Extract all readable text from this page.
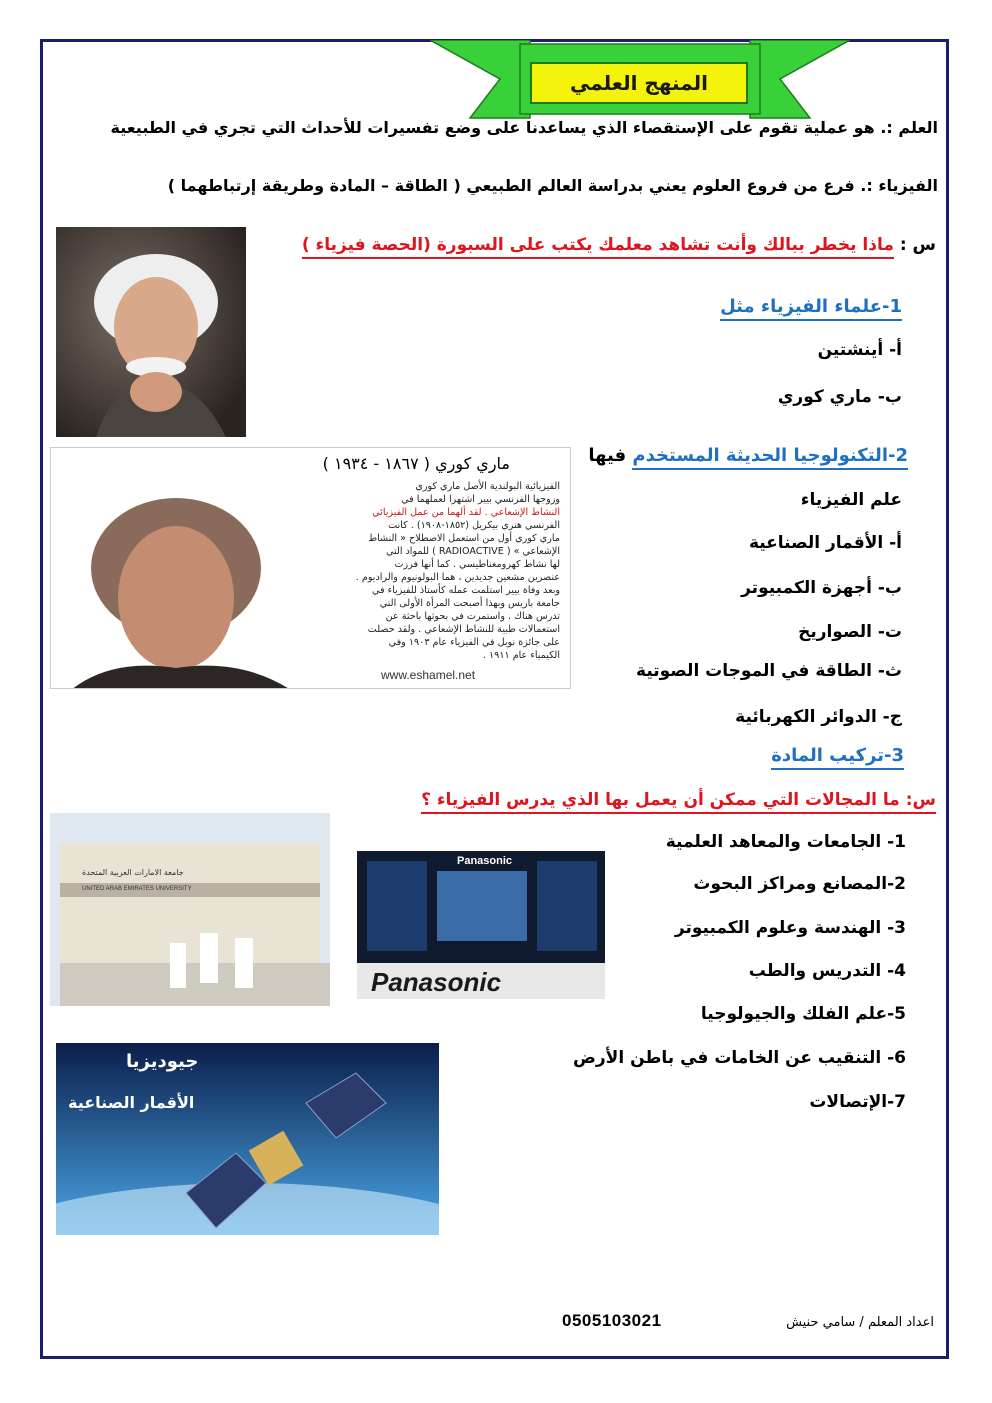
المنهج العلمي
العلم :. هو عملية تقوم على الإستقصاء الذي يساعدنا على وضع تفسيرات للأحداث التي تجري في الطبيعية
الفيزياء :. فرع من فروع العلوم يعني بدراسة العالم الطبيعي ( الطاقة – المادة وطريقة إرتباطهما )
س : ماذا يخطر ببالك وأنت تشاهد معلمك يكتب على السبورة (الحصة فيزياء )
1-علماء الفيزياء مثل
أ- أينشتين
ب- ماري كوري
ماري كوري ( ١٨٦٧ - ١٩٣٤ )
الفيزيائية البولندية الأصل ماري كوري
وزوجها الفرنسي بيير اشتهرا لعملهما في
النشاط الإشعاعي . لقد ألهما من عمل الفيزيائي
الفرنسي هنري بيكريل (١٨٥٢-١٩٠٨) . كانت
ماري كوري أول من استعمل الاصطلاح « النشاط
الإشعاعي » ( RADIOACTIVE ) للمواد التي
لها نشاط كهرومغناطيسي . كما أنها فرزت
عنصرين مشعين جديدين ، هما البولونيوم والراديوم .
وبعد وفاة بيير استلمت عمله كأستاذ للفيزياء في
جامعة باريس وبهذا أصبحت المرأة الأولى التي
تدرس هناك . واستمرت في بحوثها باحثة عن
استعمالات طبية للنشاط الإشعاعي . ولقد حصلت
على جائزة نوبل في الفيزياء عام ١٩٠٣ وفي
الكيمياء عام ١٩١١ .
www.eshamel.net
2-التكنولوجيا الحديثة المستخدم فيها
علم الفيزياء
أ- الأقمار الصناعية
ب- أجهزة الكمبيوتر
ت- الصواريخ
ث- الطاقة في الموجات الصوتية
ج- الدوائر الكهربائية
3-تركيب المادة
س: ما المجالات التي ممكن أن يعمل بها الذي يدرس الفيزياء ؟
1- الجامعات والمعاهد العلمية
2-المصانع ومراكز البحوث
3- الهندسة وعلوم الكمبيوتر
4- التدريس والطب
5-علم الفلك والجيولوجيا
6- التنقيب عن الخامات في باطن الأرض
7-الإتصالات
جامعة الامارات العربية المتحدة
UNITED ARAB EMIRATES UNIVERSITY
Panasonic
Panasonic
جيوديزيا
الأقمار الصناعية
0505103021	اعداد المعلم / سامي حنيش
